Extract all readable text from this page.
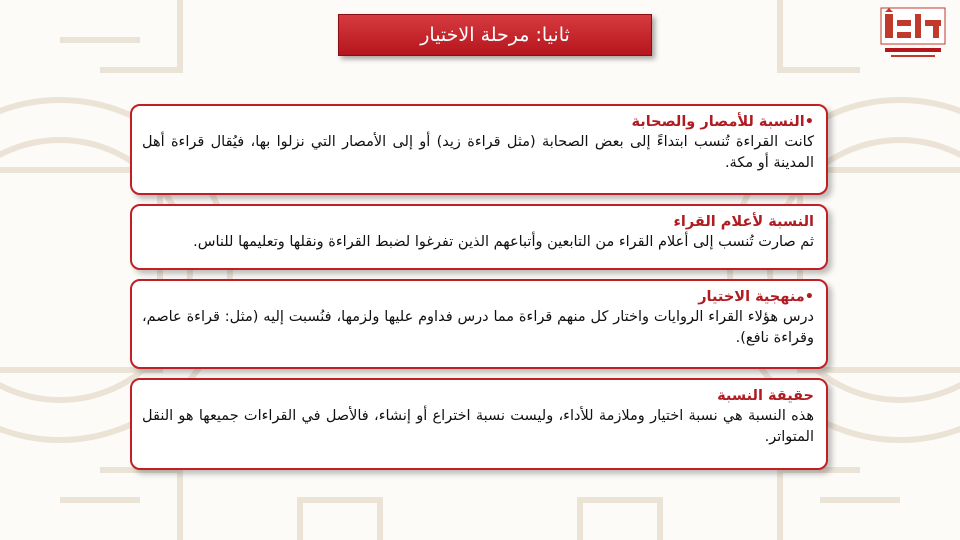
ثانيا: مرحلة الاختيار
•النسبة للأمصار والصحابة
كانت القراءة تُنسب ابتداءً إلى بعض الصحابة (مثل قراءة زيد) أو إلى الأمصار التي نزلوا بها، فيُقال قراءة أهل المدينة أو مكة.
النسبة لأعلام القراء
ثم صارت تُنسب إلى أعلام القراء من التابعين وأتباعهم الذين تفرغوا لضبط القراءة ونقلها وتعليمها للناس.
•منهجية الاختيار
درس هؤلاء القراء الروايات واختار كل منهم قراءة مما درس فداوم عليها ولزمها، فنُسبت إليه (مثل: قراءة عاصم، وقراءة نافع).
حقيقة النسبة
هذه النسبة هي نسبة اختيار وملازمة للأداء، وليست نسبة اختراع أو إنشاء، فالأصل في القراءات جميعها هو النقل المتواتر.
